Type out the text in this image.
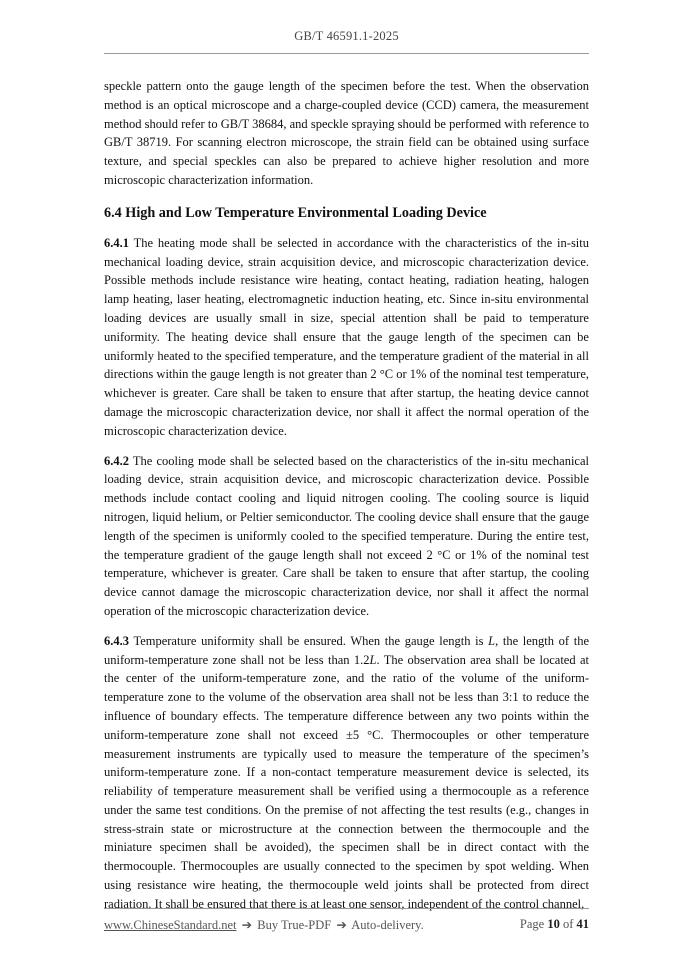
GB/T 46591.1-2025

speckle pattern onto the gauge length of the specimen before the test. When the observation method is an optical microscope and a charge-coupled device (CCD) camera, the measurement method should refer to GB/T 38684, and speckle spraying should be performed with reference to GB/T 38719. For scanning electron microscope, the strain field can be obtained using surface texture, and special speckles can also be prepared to achieve higher resolution and more microscopic characterization information.

6.4 High and Low Temperature Environmental Loading Device

6.4.1 The heating mode shall be selected in accordance with the characteristics of the in-situ mechanical loading device, strain acquisition device, and microscopic characterization device. Possible methods include resistance wire heating, contact heating, radiation heating, halogen lamp heating, laser heating, electromagnetic induction heating, etc. Since in-situ environmental loading devices are usually small in size, special attention shall be paid to temperature uniformity. The heating device shall ensure that the gauge length of the specimen can be uniformly heated to the specified temperature, and the temperature gradient of the material in all directions within the gauge length is not greater than 2 °C or 1% of the nominal test temperature, whichever is greater. Care shall be taken to ensure that after startup, the heating device cannot damage the microscopic characterization device, nor shall it affect the normal operation of the microscopic characterization device.

6.4.2 The cooling mode shall be selected based on the characteristics of the in-situ mechanical loading device, strain acquisition device, and microscopic characterization device. Possible methods include contact cooling and liquid nitrogen cooling. The cooling source is liquid nitrogen, liquid helium, or Peltier semiconductor. The cooling device shall ensure that the gauge length of the specimen is uniformly cooled to the specified temperature. During the entire test, the temperature gradient of the gauge length shall not exceed 2 °C or 1% of the nominal test temperature, whichever is greater. Care shall be taken to ensure that after startup, the cooling device cannot damage the microscopic characterization device, nor shall it affect the normal operation of the microscopic characterization device.

6.4.3 Temperature uniformity shall be ensured. When the gauge length is L, the length of the uniform-temperature zone shall not be less than 1.2L. The observation area shall be located at the center of the uniform-temperature zone, and the ratio of the volume of the uniform-temperature zone to the volume of the observation area shall not be less than 3:1 to reduce the influence of boundary effects. The temperature difference between any two points within the uniform-temperature zone shall not exceed ±5 °C. Thermocouples or other temperature measurement instruments are typically used to measure the temperature of the specimen’s uniform-temperature zone. If a non-contact temperature measurement device is selected, its reliability of temperature measurement shall be verified using a thermocouple as a reference under the same test conditions. On the premise of not affecting the test results (e.g., changes in stress-strain state or microstructure at the connection between the thermocouple and the miniature specimen shall be avoided), the specimen shall be in direct contact with the thermocouple. Thermocouples are usually connected to the specimen by spot welding. When using resistance wire heating, the thermocouple weld joints shall be protected from direct radiation. It shall be ensured that there is at least one sensor, independent of the control channel,

www.ChineseStandard.net ➔ Buy True-PDF ➔ Auto-delivery.	Page 10 of 41
